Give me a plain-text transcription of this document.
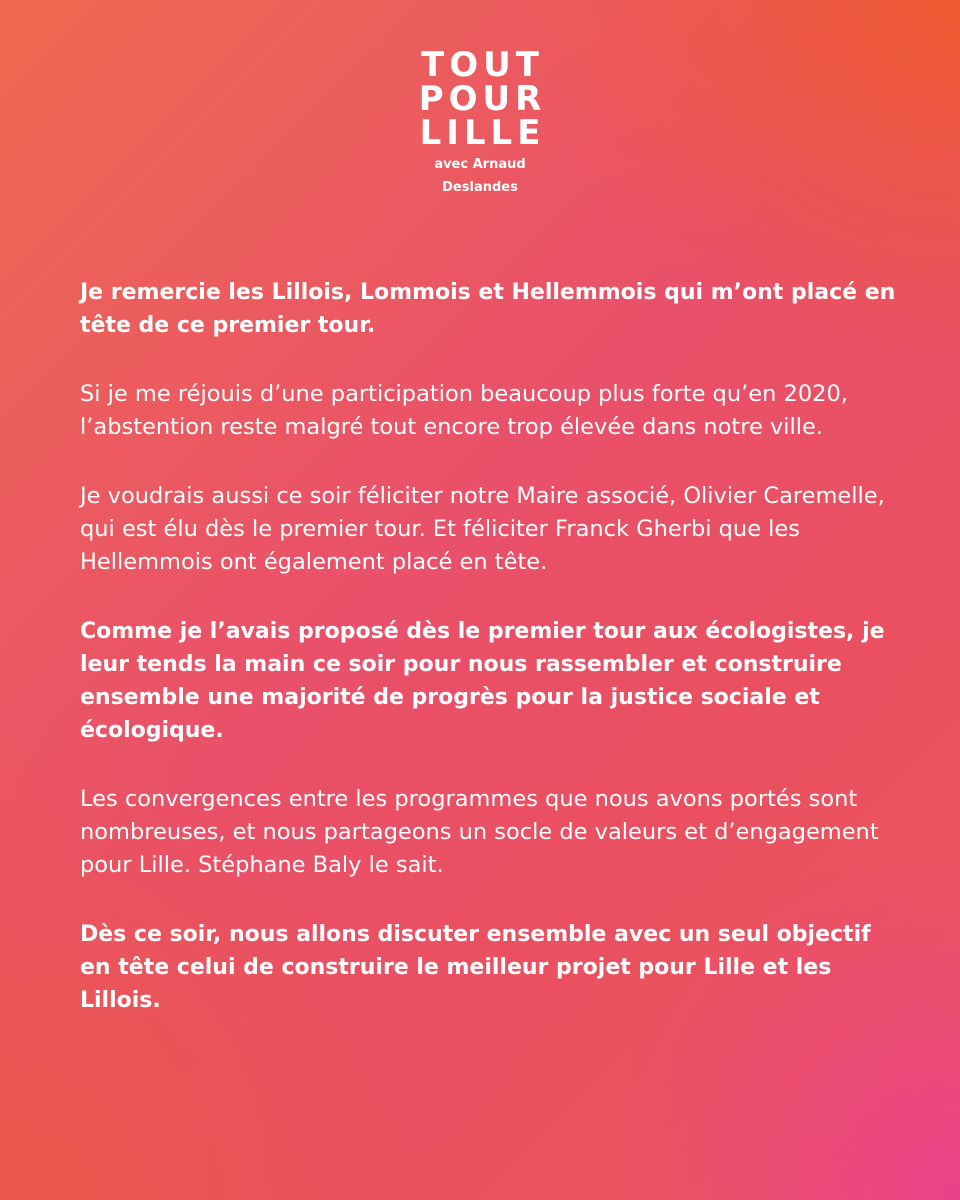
TOUT
POUR
LILLE
avec Arnaud
Deslandes

Je remercie les Lillois, Lommois et Hellemmois qui m’ont placé en tête de ce premier tour.

Si je me réjouis d’une participation beaucoup plus forte qu’en 2020, l’abstention reste malgré tout encore trop élevée dans notre ville.

Je voudrais aussi ce soir féliciter notre Maire associé, Olivier Caremelle, qui est élu dès le premier tour. Et féliciter Franck Gherbi que les Hellemmois ont également placé en tête.

Comme je l’avais proposé dès le premier tour aux écologistes, je leur tends la main ce soir pour nous rassembler et construire ensemble une majorité de progrès pour la justice sociale et écologique.

Les convergences entre les programmes que nous avons portés sont nombreuses, et nous partageons un socle de valeurs et d’engagement pour Lille. Stéphane Baly le sait.

Dès ce soir, nous allons discuter ensemble avec un seul objectif en tête celui de construire le meilleur projet pour Lille et les Lillois.
